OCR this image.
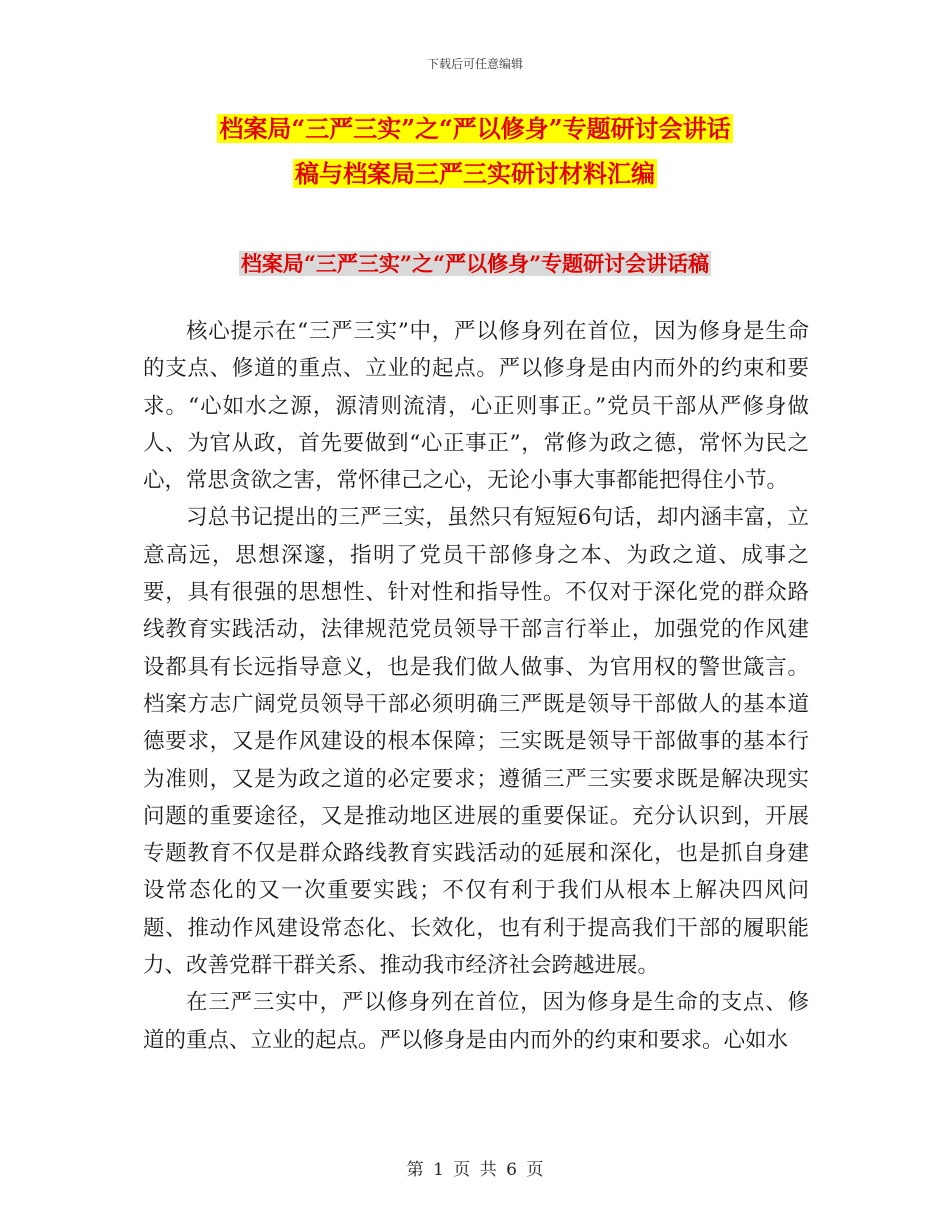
下载后可任意编辑
档案局“三严三实”之“严以修身”专题研讨会讲话
稿与档案局三严三实研讨材料汇编
档案局“三严三实”之“严以修身”专题研讨会讲话稿

核心提示在“三严三实”中，严以修身列在首位，因为修身是生命的支点、修道的重点、立业的起点。严以修身是由内而外的约束和要求。“心如水之源，源清则流清，心正则事正。”党员干部从严修身做人、为官从政，首先要做到“心正事正”，常修为政之德，常怀为民之心，常思贪欲之害，常怀律己之心，无论小事大事都能把得住小节。

习总书记提出的三严三实，虽然只有短短6句话，却内涵丰富，立意高远，思想深邃，指明了党员干部修身之本、为政之道、成事之要，具有很强的思想性、针对性和指导性。不仅对于深化党的群众路线教育实践活动，法律规范党员领导干部言行举止，加强党的作风建设都具有长远指导意义，也是我们做人做事、为官用权的警世箴言。档案方志广阔党员领导干部必须明确三严既是领导干部做人的基本道德要求，又是作风建设的根本保障；三实既是领导干部做事的基本行为准则，又是为政之道的必定要求；遵循三严三实要求既是解决现实问题的重要途径，又是推动地区进展的重要保证。充分认识到，开展专题教育不仅是群众路线教育实践活动的延展和深化，也是抓自身建设常态化的又一次重要实践；不仅有利于我们从根本上解决四风问题、推动作风建设常态化、长效化，也有利于提高我们干部的履职能力、改善党群干群关系、推动我市经济社会跨越进展。

在三严三实中，严以修身列在首位，因为修身是生命的支点、修道的重点、立业的起点。严以修身是由内而外的约束和要求。心如水

第 1 页 共 6 页
